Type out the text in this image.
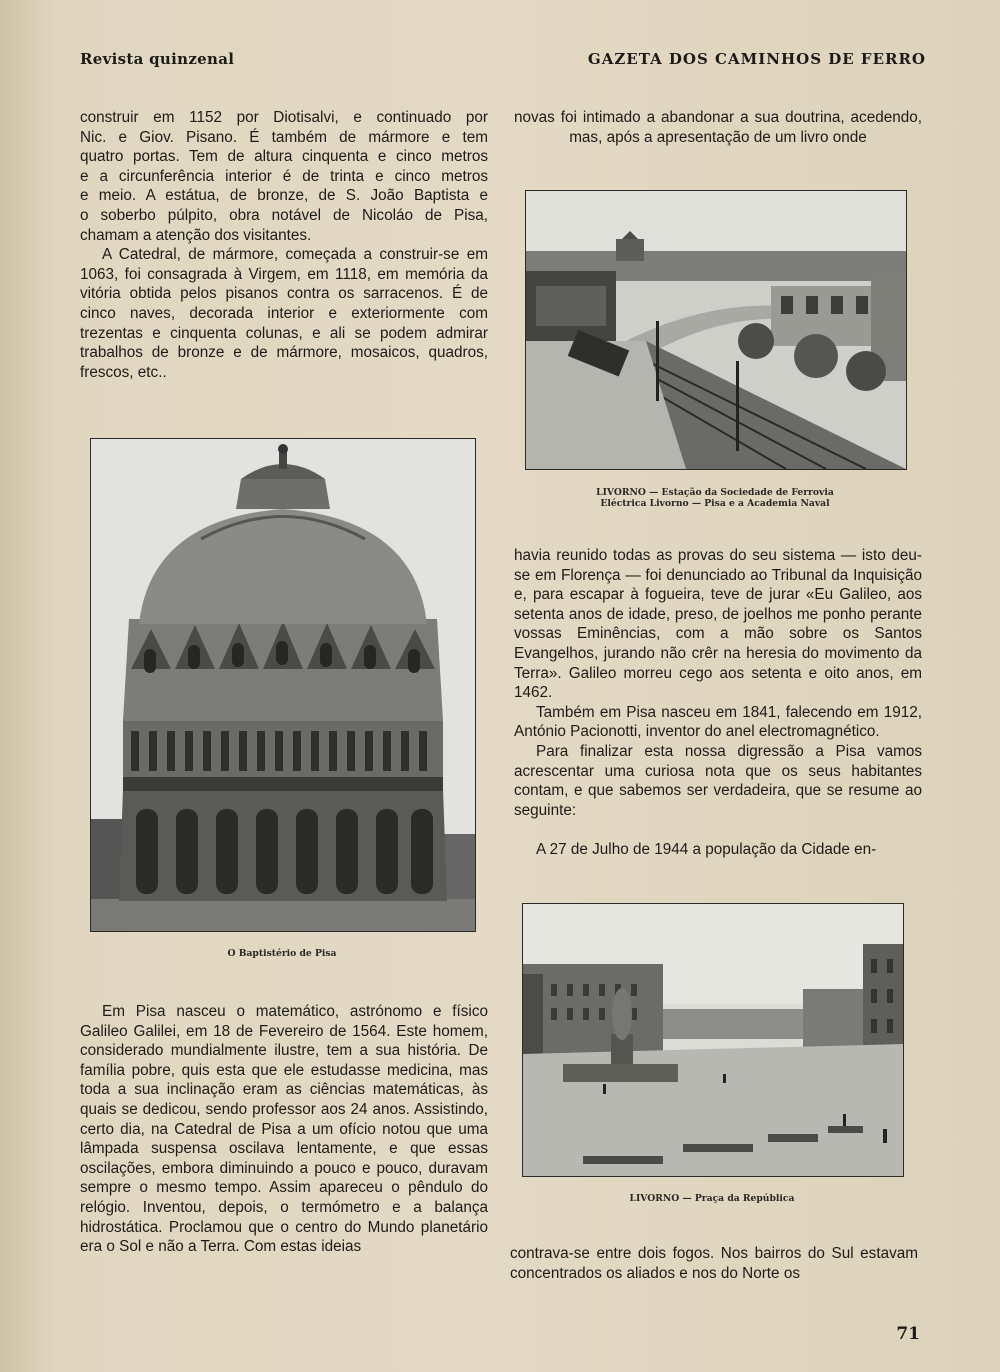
Revista quinzenal	GAZETA DOS CAMINHOS DE FERRO

construir em 1152 por Diotisalvi, e continuado por

Nic. e Giov. Pisano. É também de mármore e tem

quatro portas. Tem de altura cinquenta e cinco metros

e a circunferência interior é de trinta e cinco metros

e meio. A estátua, de bronze, de S. João Baptista e

o soberbo púlpito, obra notável de Nicoláo de Pisa,

chamam a atenção dos visitantes.

A Catedral, de mármore, começada a construir-se em 1063, foi consagrada à Virgem, em 1118, em memória da vitória obtida pelos pisanos contra os sarracenos. É de cinco naves, decorada interior e exteriormente com trezentas e cinquenta colunas, e ali se podem admirar trabalhos de bronze e de mármore, mosaicos, quadros, frescos, etc..

O Baptistério de Pisa

Em Pisa nasceu o matemático, astrónomo e físico Galileo Galilei, em 18 de Fevereiro de 1564. Este homem, considerado mundialmente ilustre, tem a sua história. De família pobre, quis esta que ele estudasse medicina, mas toda a sua inclinação eram as ciências matemáticas, às quais se dedicou, sendo professor aos 24 anos. Assistindo, certo dia, na Catedral de Pisa a um ofício notou que uma lâmpada suspensa oscilava lentamente, e que essas oscilações, embora diminuindo a pouco e pouco, duravam sempre o mesmo tempo. Assim apareceu o pêndulo do relógio. Inventou, depois, o termómetro e a balança hidrostática. Proclamou que o centro do Mundo planetário era o Sol e não a Terra. Com estas ideias

novas foi intimado a abandonar a sua doutrina, acedendo, mas, após a apresentação de um livro onde

LIVORNO — Estação da Sociedade de Ferrovia
Eléctrica Livorno — Pisa e a Academia Naval

havia reunido todas as provas do seu sistema — isto deu-se em Florença — foi denunciado ao Tribunal da Inquisição e, para escapar à fogueira, teve de jurar «Eu Galileo, aos setenta anos de idade, preso, de joelhos me ponho perante vossas Eminências, com a mão sobre os Santos Evangelhos, jurando não crêr na heresia do movimento da Terra». Galileo morreu cego aos setenta e oito anos, em 1462.

Também em Pisa nasceu em 1841, falecendo em 1912, António Pacionotti, inventor do anel electromagnético.

Para finalizar esta nossa digressão a Pisa vamos acrescentar uma curiosa nota que os seus habitantes contam, e que sabemos ser verdadeira, que se resume ao seguinte:

A 27 de Julho de 1944 a população da Cidade en-

LIVORNO — Praça da República

contrava-se entre dois fogos. Nos bairros do Sul estavam concentrados os aliados e nos do Norte os

71
